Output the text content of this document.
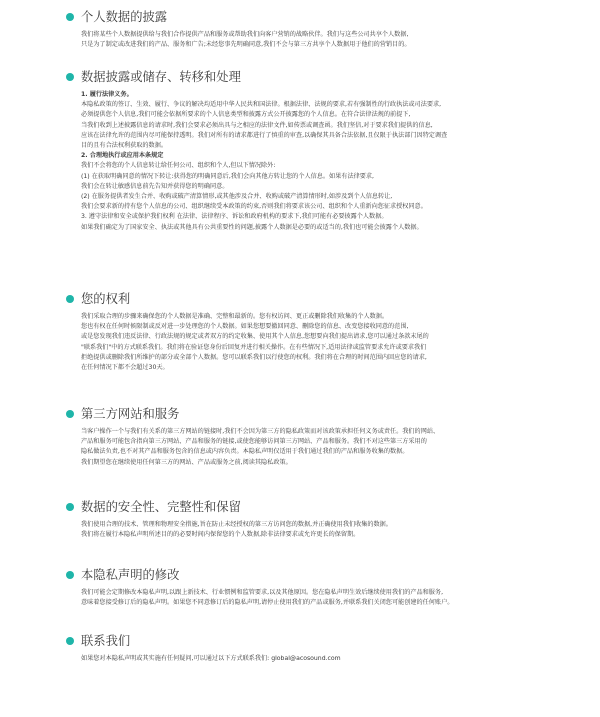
个人数据的披露
我们将某些个人数据提供给与我们合作提供产品和服务或帮助我们向客户营销的战略伙伴。我们与这些公司共享个人数据,
只是为了制定或改进我们的产品、服务和广告;未经您事先明确同意,我们不会与第三方共享个人数据用于他们的营销目的。
数据披露或储存、转移和处理
1. 履行法律义务。
本隐私政策的签订、生效、履行、争议的解决均适用中华人民共和国法律。根据法律、法规的要求,若有强制性的行政执法或司法要求,
必须提供您个人信息,我们可能会依据所要求的个人信息类型和披露方式公开披露您的个人信息。在符合法律法规的前提下,
当我们收到上述披露信息的请求时,我们会要求必须出具与之相应的法律文件,如传票或调查函。我们坚信,对于要求我们提供的信息,
应该在法律允许的范围内尽可能保持透明。我们对所有的请求都进行了慎重的审查,以确保其具备合法依据,且仅限于执法部门因特定调查
目的且有合法权利获取的数据。
2. 合理地执行或应用本条规定
我们不会将您的个人信息转让给任何公司、组织和个人,但以下情况除外:
(1) 在获取明确同意的情况下转让:获得您的明确同意后,我们会向其他方转让您的个人信息。如果有法律要求,
我们会在转让敏感信息前先告知并获得您的明确同意。
(2) 在服务提供者发生合并、收购或破产清算情形,或其他涉及合并、收购或破产清算情形时,如涉及到个人信息转让,
我们会要求新的持有您个人信息的公司、组织继续受本政策的约束,否则我们将要求该公司、组织和个人重新向您征求授权同意。
3. 遵守法律和安全或保护我们权利 在法律、法律程序、诉讼和政府机构的要求下,我们可能有必要披露个人数据。
如果我们确定为了国家安全、执法或其他具有公共重要性的问题,披露个人数据是必要的或适当的,我们也可能会披露个人数据。
您的权利
我们采取合理的步骤来确保您的个人数据是准确、完整和最新的。您有权访问、更正或删除我们收集的个人数据。
您也有权在任何时候限制或反对进一步处理您的个人数据。如果您想要撤回同意、删除您的信息、改变您接收同意的范围,
或是您发现我们违反法律、行政法规的规定或者双方的约定收集、使用其个人信息,您想要向我们提出请求,您可以通过条款末尾的
"联系我们"中的方式联系我们。我们将在验证您身份后回复并进行相关操作。在有些情况下,适用法律或监管要求允许或要求我们
拒绝提供或删除我们所维护的部分或全部个人数据。您可以联系我们以行使您的权利。我们将在合理的时间范围内回应您的请求,
在任何情况下都不会超过30天。
第三方网站和服务
当客户操作一个与我们有关系的第三方网站的链接时,我们不会因为第三方的隐私政策而对该政策承担任何义务或责任。我们的网站、
产品和服务可能包含指向第三方网站、产品和服务的链接,或使您能够访问第三方网站、产品和服务。我们不对这些第三方采用的
隐私做法负责,也不对其产品和服务包含的信息或内容负责。本隐私声明仅适用于我们通过我们的产品和服务收集的数据。
我们期望您在继续使用任何第三方的网站、产品或服务之前,阅读其隐私政策。
数据的安全性、完整性和保留
我们使用合理的技术、管理和物理安全措施,旨在防止未经授权的第三方访问您的数据,并正确使用我们收集的数据。
我们将在履行本隐私声明所述目的的必要时间内保留您的个人数据,除非法律要求或允许更长的保留期。
本隐私声明的修改
我们可能会定期修改本隐私声明,以跟上新技术、行业惯例和监管要求,以及其他原因。您在隐私声明生效后继续使用我们的产品和服务,
意味着您接受修订后的隐私声明。如果您不同意修订后的隐私声明,请停止使用我们的产品或服务,并联系我们关闭您可能创建的任何账户。
联系我们
如果您对本隐私声明或其实施有任何疑问,可以通过以下方式联系我们: global@acosound.com
